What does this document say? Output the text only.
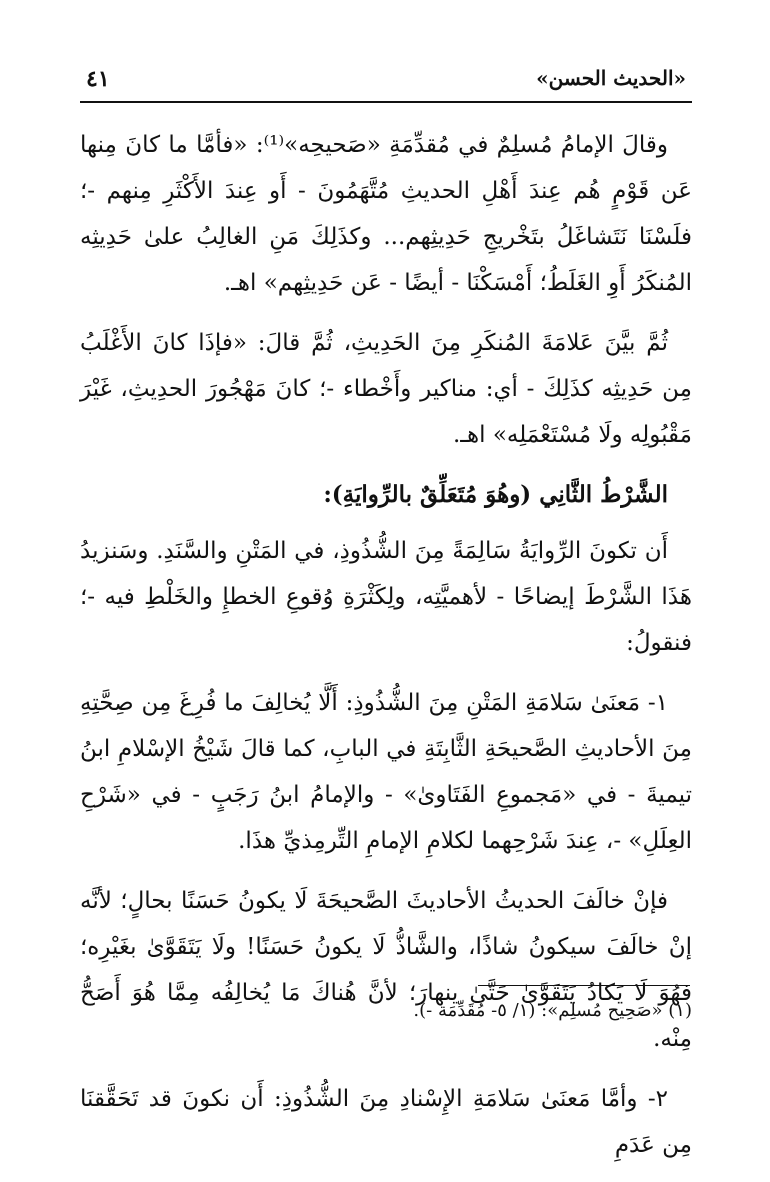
«الحديث الحسن»
٤١

وقالَ الإمامُ مُسلِمٌ في مُقدِّمَةِ «صَحيحِه»⁽¹⁾: «فأمَّا ما كانَ مِنها عَن قَوْمٍ هُم عِندَ أَهْلِ الحديثِ مُتَّهَمُونَ - أَو عِندَ الأَكْثَرِ مِنهم -؛ فلَسْنَا نَتَشاغَلُ بتَخْريجِ حَدِيثِهم... وكذَلِكَ مَنِ الغالِبُ علىٰ حَدِيثِه المُنكَرُ أَوِ الغَلَطُ؛ أَمْسَكْنَا - أيضًا - عَن حَدِيثِهم» اهـ.

ثُمَّ بيَّنَ عَلامَةَ المُنكَرِ مِنَ الحَدِيثِ، ثُمَّ قالَ: «فإذَا كانَ الأَغْلَبُ مِن حَدِيثِه كذَلِكَ - أي: مناكير وأَخْطاء -؛ كانَ مَهْجُورَ الحدِيثِ، غَيْرَ مَقْبُولِه ولَا مُسْتَعْمَلِه» اهـ.

الشَّرْطُ الثَّانِي (وهُوَ مُتَعَلِّقٌ بالرِّوايَةِ):

أَن تكونَ الرِّوايَةُ سَالِمَةً مِنَ الشُّذُوذِ، في المَتْنِ والسَّنَدِ. وسَنزيدُ هَذَا الشَّرْطَ إيضاحًا - لأهميَّتِه، ولِكَثْرَةِ وُقوعِ الخطإِ والخَلْطِ فيه -؛ فنقولُ:

١- مَعنَىٰ سَلامَةِ المَتْنِ مِنَ الشُّذُوذِ: أَلَّا يُخالِفَ ما فُرِغَ مِن صِحَّتِهِ مِنَ الأحاديثِ الصَّحيحَةِ الثَّابِتَةِ في البابِ، كما قالَ شَيْخُ الإسْلامِ ابنُ تيميةَ - في «مَجموعِ الفَتَاوىٰ» - والإمامُ ابنُ رَجَبٍ - في «شَرْحِ العِلَلِ» -، عِندَ شَرْحِهما لكلامِ الإمامِ التِّرمِذيِّ هذَا.

فإنْ خالَفَ الحديثُ الأحاديثَ الصَّحيحَةَ لَا يكونُ حَسَنًا بحالٍ؛ لأنَّه إنْ خالَفَ سيكونُ شاذًا، والشَّاذُّ لَا يكونُ حَسَنًا! ولَا يَتَقَوَّىٰ بغَيْرِه؛ فهُوَ لَا يَكادُ يَتَقَوَّىٰ حَتَّىٰ ينهارَ؛ لأنَّ هُناكَ مَا يُخالِفُه مِمَّا هُوَ أَصَحُّ مِنْه.

٢- وأمَّا مَعنَىٰ سَلامَةِ الإِسْنادِ مِنَ الشُّذُوذِ: أَن نكونَ قد تَحَقَّقنَا مِن عَدَمِ

(١) «صَحِيح مُسلِم»: (١/ ٥- مُقَدِّمَة -).
